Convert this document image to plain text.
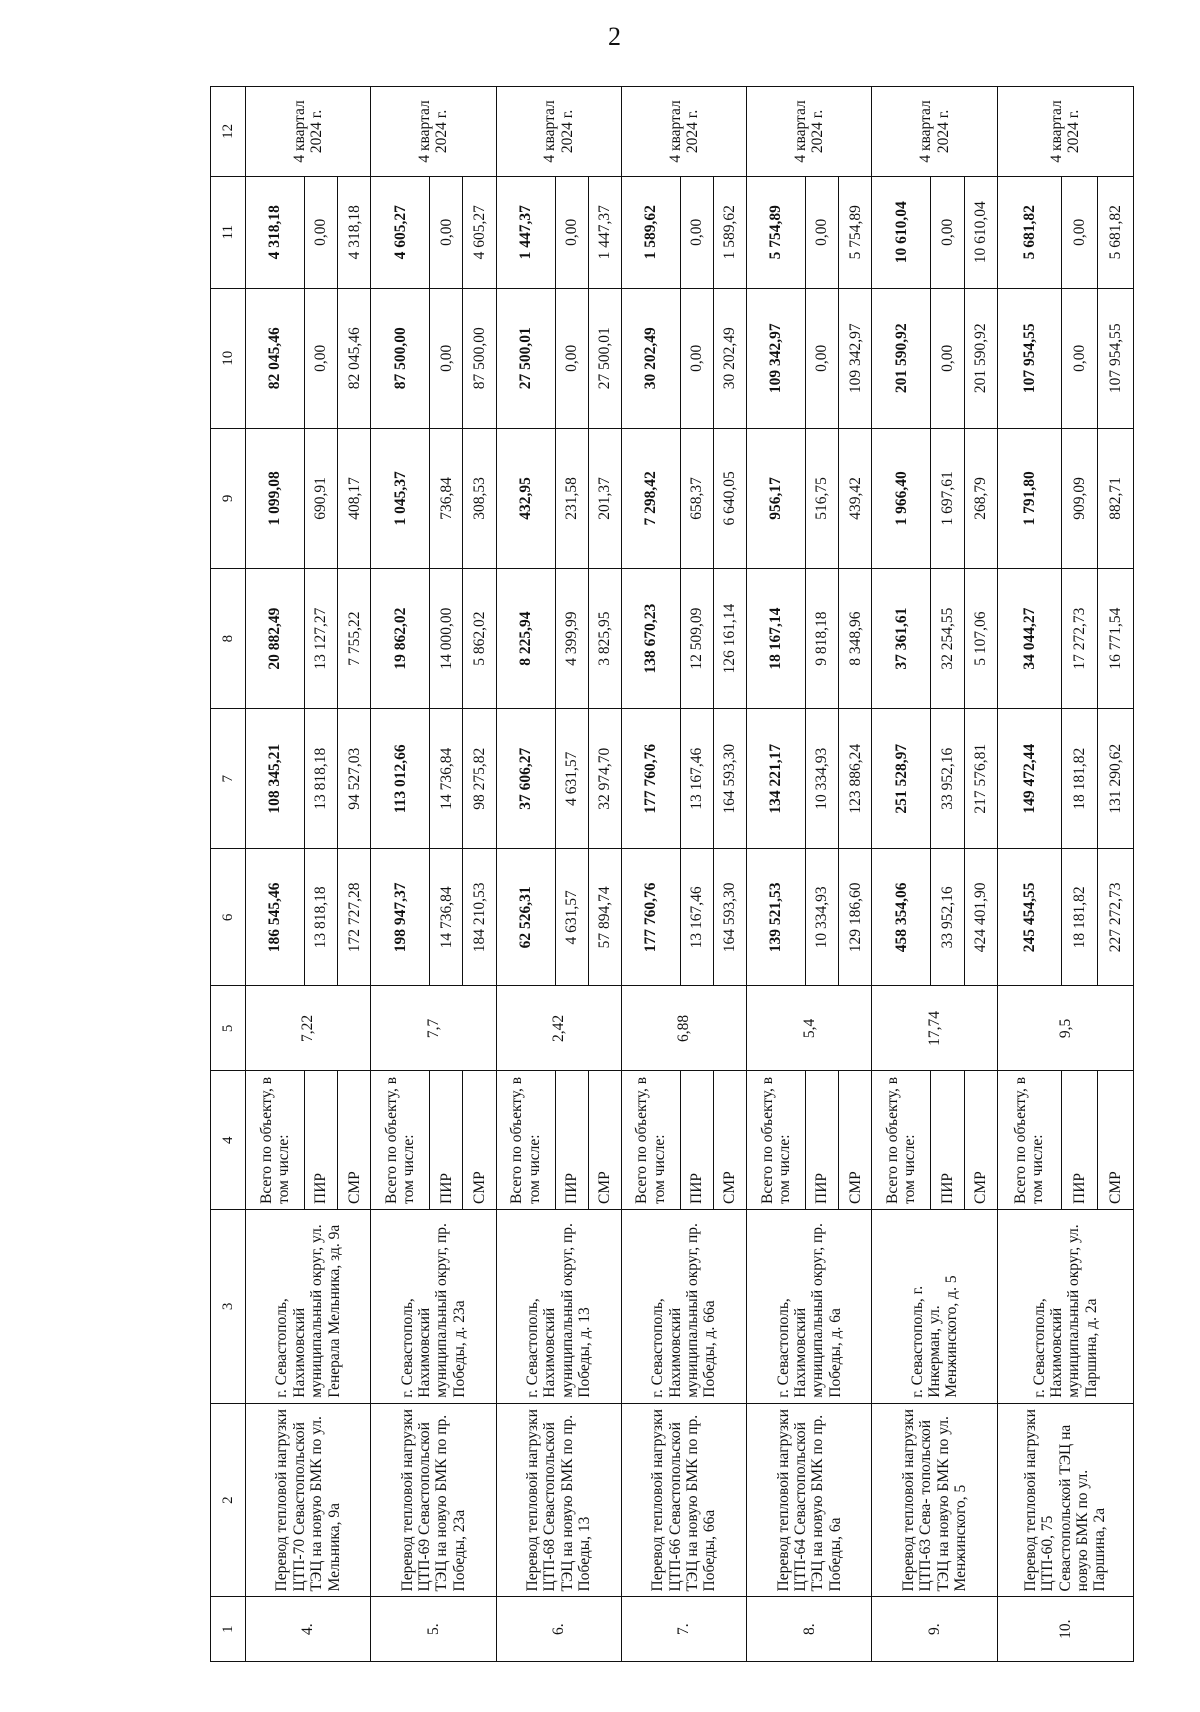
2
1	2	3	4	5	6	7	8	9	10	11	12
4.	Перевод тепловой нагрузки ЦТП-70 Севастопольской ТЭЦ на новую БМК по ул. Мельника, 9а	г. Севастополь, Нахимовский муниципальный округ, ул. Генерала Мельника, зд. 9а	Всего по объекту, в том числе:	7,22	186 545,46	108 345,21	20 882,49	1 099,08	82 045,46	4 318,18	4 квартал 2024 г.
			ПИР		13 818,18	13 818,18	13 127,27	690,91	0,00	0,00	
			СМР		172 727,28	94 527,03	7 755,22	408,17	82 045,46	4 318,18	
5.	Перевод тепловой нагрузки ЦТП-69 Севастопольской ТЭЦ на новую БМК по пр. Победы, 23а	г. Севастополь, Нахимовский муниципальный округ, пр. Победы, д. 23а	Всего по объекту, в том числе:	7,7	198 947,37	113 012,66	19 862,02	1 045,37	87 500,00	4 605,27	4 квартал 2024 г.
			ПИР		14 736,84	14 736,84	14 000,00	736,84	0,00	0,00	
			СМР		184 210,53	98 275,82	5 862,02	308,53	87 500,00	4 605,27	
6.	Перевод тепловой нагрузки ЦТП-68 Севастопольской ТЭЦ на новую БМК по пр. Победы, 13	г. Севастополь, Нахимовский муниципальный округ, пр. Победы, д. 13	Всего по объекту, в том числе:	2,42	62 526,31	37 606,27	8 225,94	432,95	27 500,01	1 447,37	4 квартал 2024 г.
			ПИР		4 631,57	4 631,57	4 399,99	231,58	0,00	0,00	
			СМР		57 894,74	32 974,70	3 825,95	201,37	27 500,01	1 447,37	
7.	Перевод тепловой нагрузки ЦТП-66 Севастопольской ТЭЦ на новую БМК по пр. Победы, 66а	г. Севастополь, Нахимовский муниципальный округ, пр. Победы, д. 66а	Всего по объекту, в том числе:	6,88	177 760,76	177 760,76	138 670,23	7 298,42	30 202,49	1 589,62	4 квартал 2024 г.
			ПИР		13 167,46	13 167,46	12 509,09	658,37	0,00	0,00	
			СМР		164 593,30	164 593,30	126 161,14	6 640,05	30 202,49	1 589,62	
8.	Перевод тепловой нагрузки ЦТП-64 Севастопольской ТЭЦ на новую БМК по пр. Победы, 6а	г. Севастополь, Нахимовский муниципальный округ, пр. Победы, д. 6а	Всего по объекту, в том числе:	5,4	139 521,53	134 221,17	18 167,14	956,17	109 342,97	5 754,89	4 квартал 2024 г.
			ПИР		10 334,93	10 334,93	9 818,18	516,75	0,00	0,00	
			СМР		129 186,60	123 886,24	8 348,96	439,42	109 342,97	5 754,89	
9.	Перевод тепловой нагрузки ЦТП-63 Сева- топольской ТЭЦ на новую БМК по ул. Менжинского, 5	г. Севастополь, г. Инкерман, ул. Менжинского, д. 5	Всего по объекту, в том числе:	17,74	458 354,06	251 528,97	37 361,61	1 966,40	201 590,92	10 610,04	4 квартал 2024 г.
			ПИР		33 952,16	33 952,16	32 254,55	1 697,61	0,00	0,00	
			СМР		424 401,90	217 576,81	5 107,06	268,79	201 590,92	10 610,04	
10.	Перевод тепловой нагрузки ЦТП-60, 75 Севастопольской ТЭЦ на новую БМК по ул. Паршина, 2а	г. Севастополь, Нахимовский муниципальный округ, ул. Паршина, д. 2а	Всего по объекту, в том числе:	9,5	245 454,55	149 472,44	34 044,27	1 791,80	107 954,55	5 681,82	4 квартал 2024 г.
			ПИР		18 181,82	18 181,82	17 272,73	909,09	0,00	0,00	
			СМР		227 272,73	131 290,62	16 771,54	882,71	107 954,55	5 681,82	
